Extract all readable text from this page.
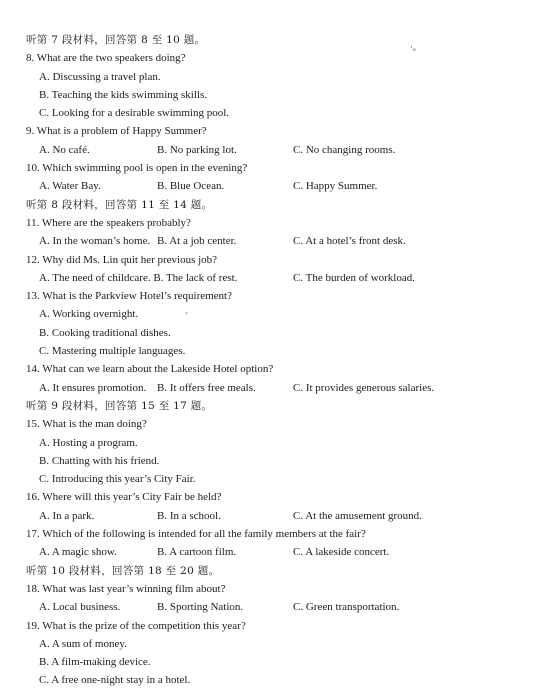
·ₒ
ˊ
听第 7 段材料，回答第 8 至 10 题。
8. What are the two speakers doing?
A. Discussing a travel plan.
B. Teaching the kids swimming skills.
C. Looking for a desirable swimming pool.
9. What is a problem of Happy Summer?
A. No café.	B. No parking lot.	C. No changing rooms.
10. Which swimming pool is open in the evening?
A. Water Bay.	B. Blue Ocean.	C. Happy Summer.
听第 8 段材料，回答第 11 至 14 题。
11. Where are the speakers probably?
A. In the woman’s home. B. At a job center.	C. At a hotel’s front desk.
12. Why did Ms. Lin quit her previous job?
A. The need of childcare. B. The lack of rest.	C. The burden of workload.
13. What is the Parkview Hotel’s requirement?
A. Working overnight.
B. Cooking traditional dishes.
C. Mastering multiple languages.
14. What can we learn about the Lakeside Hotel option?
A. It ensures promotion. B. It offers free meals.	C. It provides generous salaries.
听第 9 段材料，回答第 15 至 17 题。
15. What is the man doing?
A. Hosting a program.
B. Chatting with his friend.
C. Introducing this year’s City Fair.
16. Where will this year’s City Fair be held?
A. In a park.	B. In a school.	C. At the amusement ground.
17. Which of the following is intended for all the family members at the fair?
A. A magic show.	B. A cartoon film.	C. A lakeside concert.
听第 10 段材料，回答第 18 至 20 题。
18. What was last year’s winning film about?
A. Local business.	B. Sporting Nation.	C. Green transportation.
19. What is the prize of the competition this year?
A. A sum of money.
B. A film-making device.
C. A free one-night stay in a hotel.
